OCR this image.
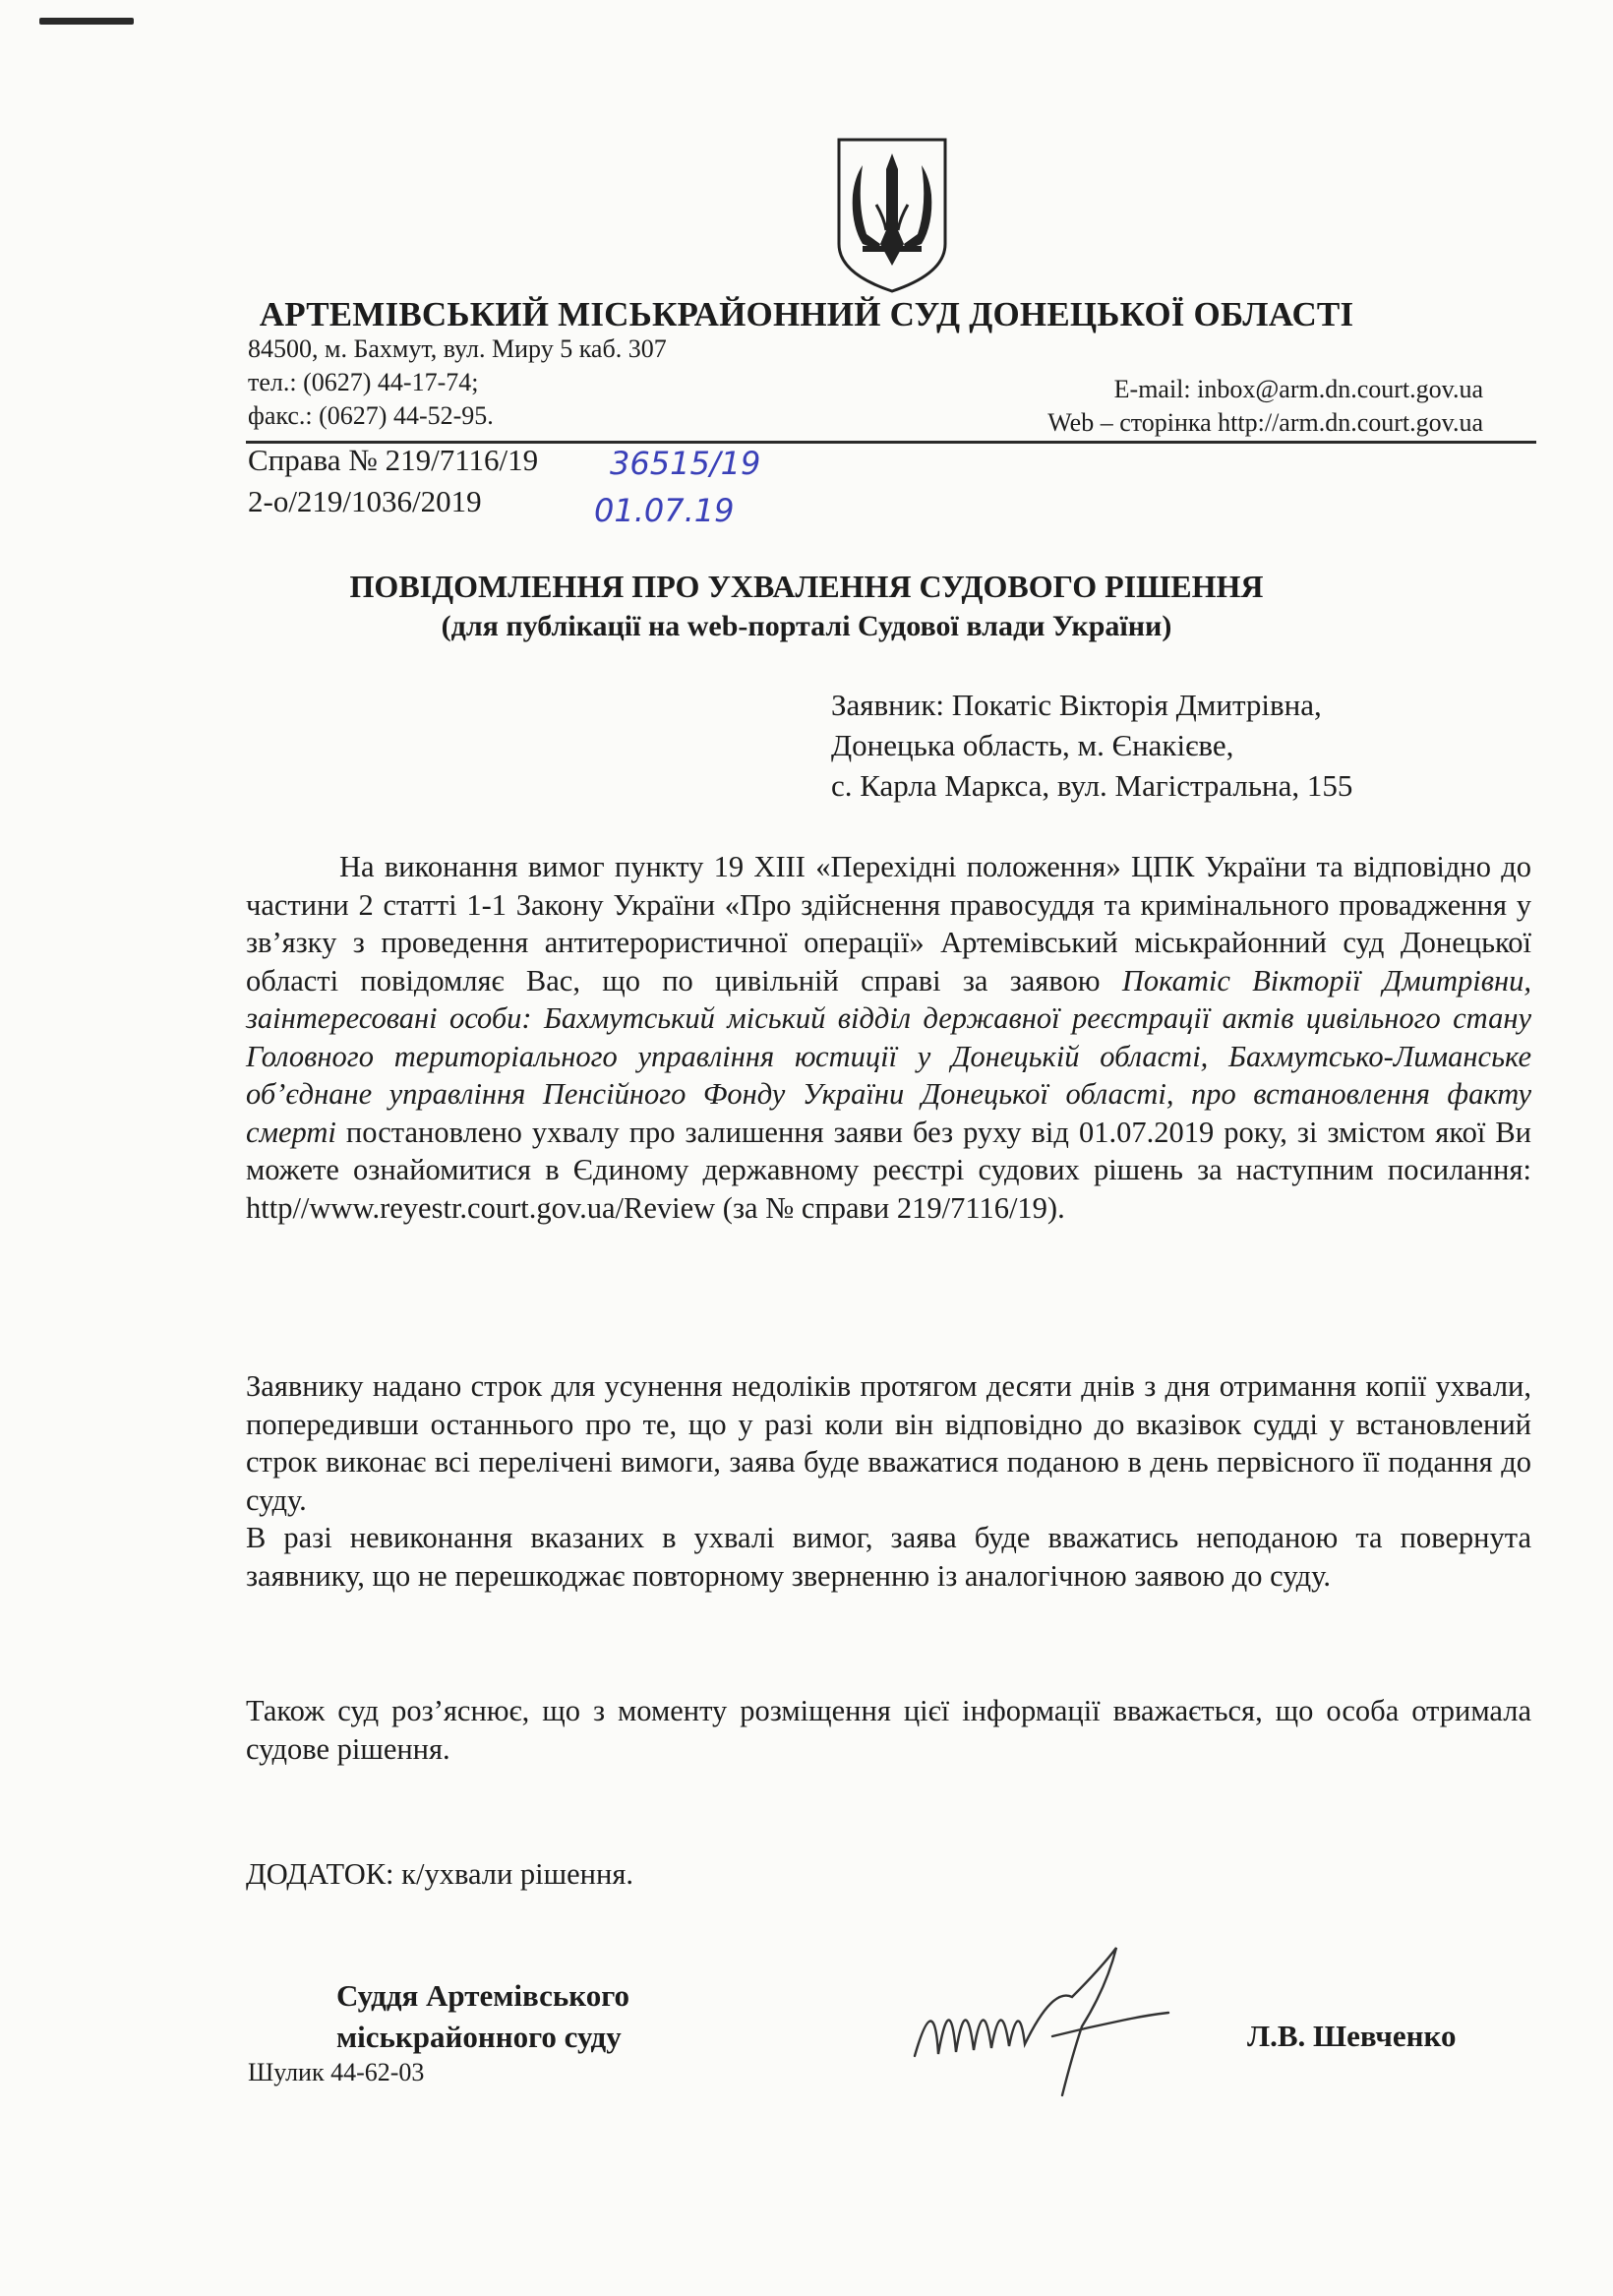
АРТЕМІВСЬКИЙ МІСЬКРАЙОННИЙ СУД ДОНЕЦЬКОЇ ОБЛАСТІ
84500, м. Бахмут, вул. Миру 5 каб. 307
тел.: (0627) 44-17-74;
факс.: (0627) 44-52-95.
E-mail: inbox@arm.dn.court.gov.ua
Web – сторінка http://arm.dn.court.gov.ua
Справа № 219/7116/19
2-о/219/1036/2019
36515/19
01.07.19
ПОВІДОМЛЕННЯ ПРО УХВАЛЕННЯ СУДОВОГО РІШЕННЯ
(для публікації на web-порталі Судової влади України)
Заявник: Покатіс Вікторія Дмитрівна,
Донецька область, м. Єнакієве,
с. Карла Маркса, вул. Магістральна, 155

На виконання вимог пункту 19 ХIII «Перехідні положення» ЦПК України та відповідно до частини 2 статті 1-1 Закону України «Про здійснення правосуддя та кримінального провадження у зв’язку з проведення антитерористичної операції» Артемівський міськрайонний суд Донецької області повідомляє Вас, що по цивільній справі за заявою Покатіс Вікторії Дмитрівни, заінтересовані особи: Бахмутський міський відділ державної реєстрації актів цивільного стану Головного територіального управління юстиції у Донецькій області, Бахмутсько-Лиманське об’єднане управління Пенсійного Фонду України Донецької області, про встановлення факту смерті постановлено ухвалу про залишення заяви без руху від 01.07.2019 року, зі змістом якої Ви можете ознайомитися в Єдиному державному реєстрі судових рішень за наступним посилання: http//www.reyestr.court.gov.ua/Review (за № справи 219/7116/19).

Заявнику надано строк для усунення недоліків протягом десяти днів з дня отримання копії ухвали, попередивши останнього про те, що у разі коли він відповідно до вказівок судді у встановлений строк виконає всі перелічені вимоги, заява буде вважатися поданою в день первісного її подання до суду.

В разі невиконання вказаних в ухвалі вимог, заява буде вважатись неподаною та повернута заявнику, що не перешкоджає повторному зверненню із аналогічною заявою до суду.

Також суд роз’яснює, що з моменту розміщення цієї інформації вважається, що особа отримала судове рішення.

ДОДАТОК: к/ухвали рішення.

Суддя Артемівського
міськрайонного суду	Л.В. Шевченко
Шулик 44-62-03
